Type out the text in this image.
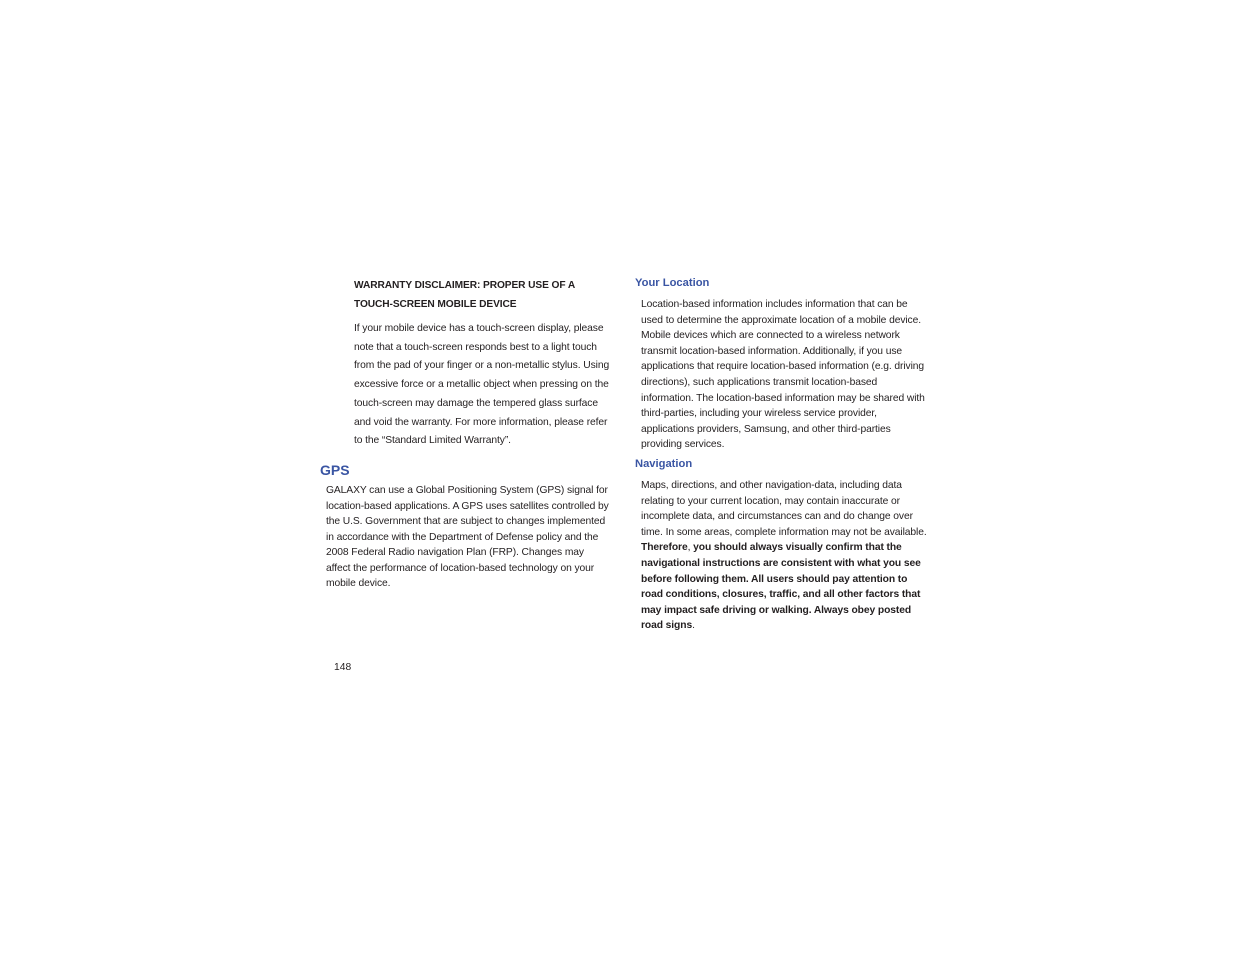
WARRANTY DISCLAIMER: PROPER USE OF A
TOUCH-SCREEN MOBILE DEVICE

If your mobile device has a touch-screen display, please note that a touch-screen responds best to a light touch from the pad of your finger or a non-metallic stylus. Using excessive force or a metallic object when pressing on the touch-screen may damage the tempered glass surface and void the warranty. For more information, please refer to the “Standard Limited Warranty”.

GPS

GALAXY can use a Global Positioning System (GPS) signal for location-based applications. A GPS uses satellites controlled by the U.S. Government that are subject to changes implemented in accordance with the Department of Defense policy and the 2008 Federal Radio navigation Plan (FRP). Changes may affect the performance of location-based technology on your mobile device.

Your Location

Location-based information includes information that can be used to determine the approximate location of a mobile device. Mobile devices which are connected to a wireless network transmit location-based information. Additionally, if you use applications that require location-based information (e.g. driving directions), such applications transmit location-based information. The location-based information may be shared with third-parties, including your wireless service provider, applications providers, Samsung, and other third-parties providing services.

Navigation

Maps, directions, and other navigation-data, including data relating to your current location, may contain inaccurate or incomplete data, and circumstances can and do change over time. In some areas, complete information may not be available. Therefore, you should always visually confirm that the navigational instructions are consistent with what you see before following them. All users should pay attention to road conditions, closures, traffic, and all other factors that may impact safe driving or walking. Always obey posted road signs.

148
